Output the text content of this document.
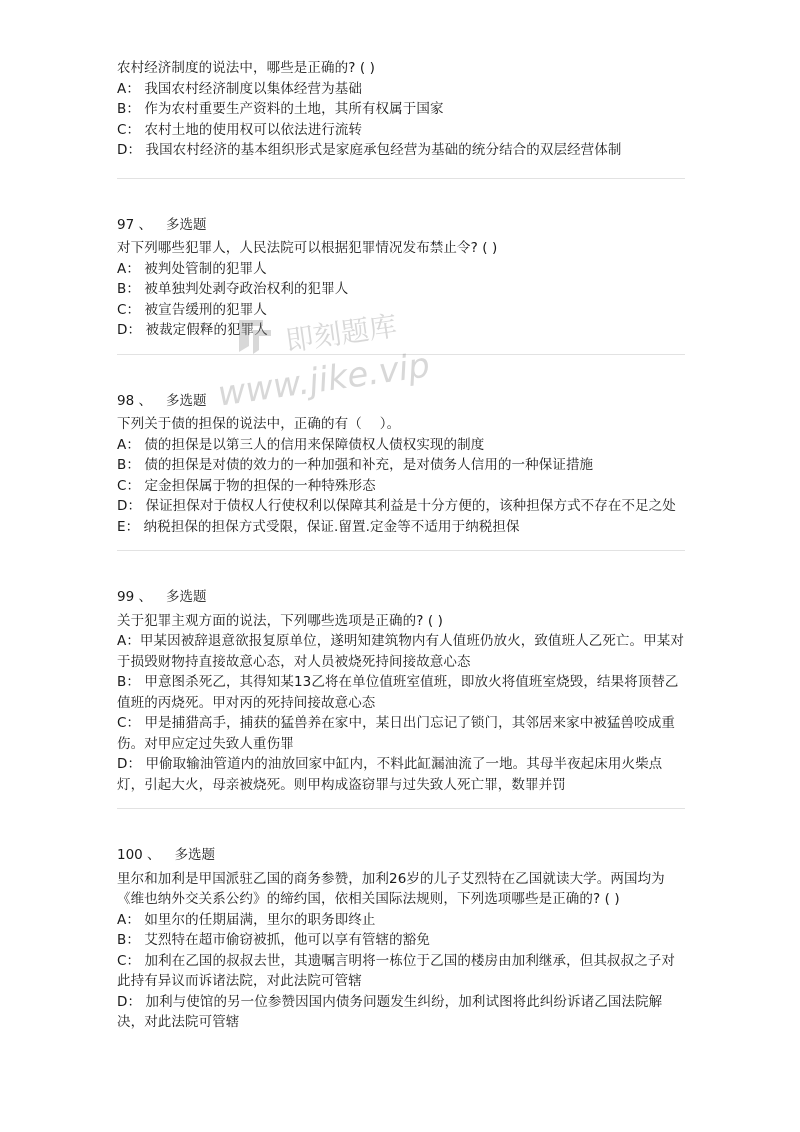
农村经济制度的说法中，哪些是正确的? ( )
A： 我国农村经济制度以集体经营为基础
B： 作为农村重要生产资料的土地，其所有权属于国家
C： 农村土地的使用权可以依法进行流转
D： 我国农村经济的基本组织形式是家庭承包经营为基础的统分结合的双层经营体制
97 、 多选题
对下列哪些犯罪人，人民法院可以根据犯罪情况发布禁止令? ( )
A： 被判处管制的犯罪人
B： 被单独判处剥夺政治权利的犯罪人
C： 被宣告缓刑的犯罪人
D： 被裁定假释的犯罪人
98 、 多选题
下列关于债的担保的说法中，正确的有（　 ）。
A： 债的担保是以第三人的信用来保障债权人债权实现的制度
B： 债的担保是对债的效力的一种加强和补充，是对债务人信用的一种保证措施
C： 定金担保属于物的担保的一种特殊形态
D： 保证担保对于债权人行使权利以保障其利益是十分方便的，该种担保方式不存在不足之处
E： 纳税担保的担保方式受限，保证.留置.定金等不适用于纳税担保
99 、 多选题
关于犯罪主观方面的说法，下列哪些选项是正确的? ( )
A：甲某因被辞退意欲报复原单位，遂明知建筑物内有人值班仍放火，致值班人乙死亡。甲某对于损毁财物持直接故意心态，对人员被烧死持间接故意心态
B： 甲意图杀死乙，其得知某13乙将在单位值班室值班，即放火将值班室烧毁，结果将顶替乙值班的丙烧死。甲对丙的死持间接故意心态
C： 甲是捕猎高手，捕获的猛兽养在家中，某日出门忘记了锁门，其邻居来家中被猛兽咬成重伤。对甲应定过失致人重伤罪
D： 甲偷取输油管道内的油放回家中缸内，不料此缸漏油流了一地。其母半夜起床用火柴点灯，引起大火，母亲被烧死。则甲构成盗窃罪与过失致人死亡罪，数罪并罚
100 、 多选题
里尔和加利是甲国派驻乙国的商务参赞，加利26岁的儿子艾烈特在乙国就读大学。两国均为《维也纳外交关系公约》的缔约国，依相关国际法规则，下列选项哪些是正确的? ( )
A： 如里尔的任期届满，里尔的职务即终止
B： 艾烈特在超市偷窃被抓，他可以享有管辖的豁免
C： 加利在乙国的叔叔去世，其遗嘱言明将一栋位于乙国的楼房由加利继承，但其叔叔之子对此持有异议而诉诸法院，对此法院可管辖
D： 加利与使馆的另一位参赞因国内债务问题发生纠纷，加利试图将此纠纷诉诸乙国法院解决，对此法院可管辖
即刻题库
www.jike.vip
